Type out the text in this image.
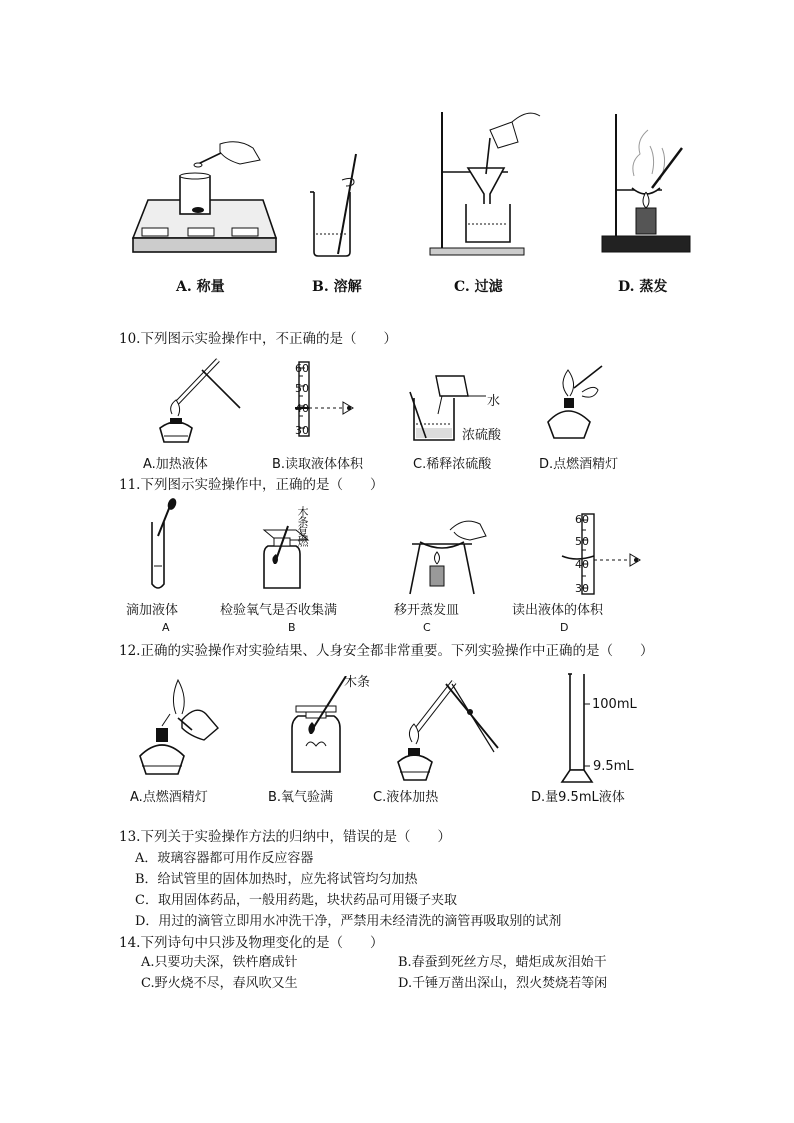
A. 称量	B. 溶解	C. 过滤	D. 蒸发
10.下列图示实验操作中，不正确的是（　　）
60
50
40
30
水
浓硫酸
A.加热液体	B.读取液体体积	C.稀释浓硫酸	D.点燃酒精灯
11.下列图示实验操作中，正确的是（　　）
木条复燃	60
50
40
30
滴加液体	检验氧气是否收集满	移开蒸发皿	读出液体的体积
A	B	C	D
12.正确的实验操作对实验结果、人身安全都非常重要。下列实验操作中正确的是（　　）
木条
100mL
9.5mL
A.点燃酒精灯	B.氧气验满	C.液体加热	D.量9.5mL液体
13.下列关于实验操作方法的归纳中，错误的是（　　）
A．玻璃容器都可用作反应容器
B．给试管里的固体加热时，应先将试管均匀加热
C．取用固体药品，一般用药匙，块状药品可用镊子夹取
D．用过的滴管立即用水冲洗干净，严禁用未经清洗的滴管再吸取别的试剂
14.下列诗句中只涉及物理变化的是（　　）
A.只要功夫深，铁杵磨成针	B.春蚕到死丝方尽，蜡炬成灰泪始干
C.野火烧不尽，春风吹又生	D.千锤万凿出深山，烈火焚烧若等闲
